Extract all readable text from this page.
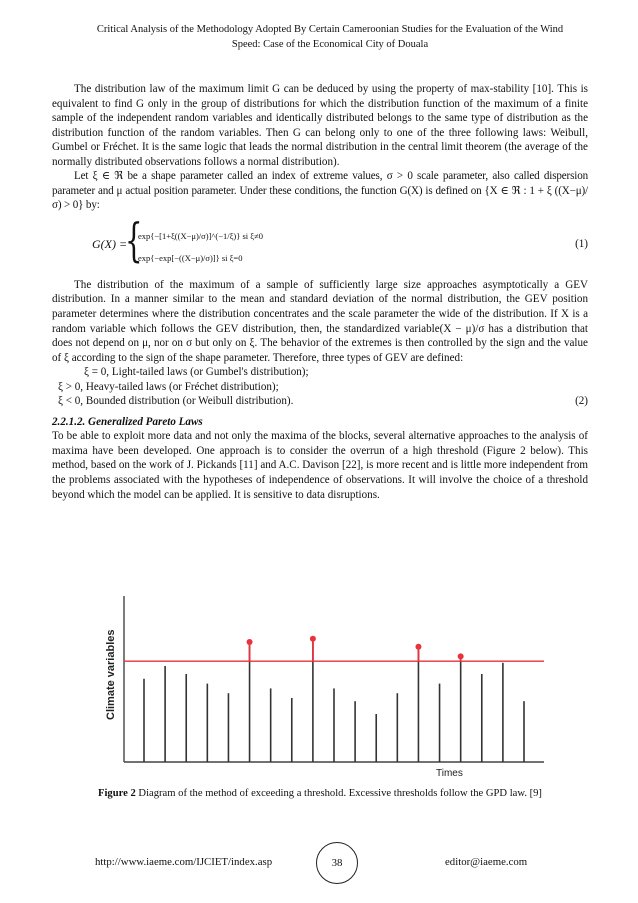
Critical Analysis of the Methodology Adopted By Certain Cameroonian Studies for the Evaluation of the Wind
Speed: Case of the Economical City of Douala

The distribution law of the maximum limit G can be deduced by using the property of max-stability [10]. This is equivalent to find G only in the group of distributions for which the distribution function of the maximum of a finite sample of the independent random variables and identically distributed belongs to the same type of distribution as the distribution function of the random variables. Then G can belong only to one of the three following laws: Weibull, Gumbel or Fréchet. It is the same logic that leads the normal distribution in the central limit theorem (the average of the normally distributed observations follows a normal distribution).

Let ξ ∈ ℜ be a shape parameter called an index of extreme values, σ > 0 scale parameter, also called dispersion parameter and μ actual position parameter. Under these conditions, the function G(X) is defined on {X ∈ ℜ : 1 + ξ ((X−μ)/σ) > 0} by:

G(X) =
{
exp{−[1+ξ((X−μ)/σ)]^(−1/ξ)} si ξ≠0
exp{−exp[−((X−μ)/σ)]} si ξ=0
(1)

The distribution of the maximum of a sample of sufficiently large size approaches asymptotically a GEV distribution. In a manner similar to the mean and standard deviation of the normal distribution, the GEV position parameter determines where the distribution concentrates and the scale parameter the wide of the distribution. If X is a random variable which follows the GEV distribution, then, the standardized variable(X − μ)/σ has a distribution that does not depend on μ, nor on σ but only on ξ. The behavior of the extremes is then controlled by the sign and the value of ξ according to the sign of the shape parameter. Therefore, three types of GEV are defined:

ξ = 0, Light-tailed laws (or Gumbel's distribution);

ξ > 0, Heavy-tailed laws (or Fréchet distribution);

ξ < 0, Bounded distribution (or Weibull distribution).	(2)

2.2.1.2. Generalized Pareto Laws

To be able to exploit more data and not only the maxima of the blocks, several alternative approaches to the analysis of maxima have been developed. One approach is to consider the overrun of a high threshold (Figure 2 below). This method, based on the work of J. Pickands [11] and A.C. Davison [22], is more recent and is little more independent from the problems associated with the hypotheses of independence of observations. It will involve the choice of a threshold beyond which the model can be applied. It is sensitive to data disruptions.

Climate variables
Times
Figure 2 Diagram of the method of exceeding a threshold. Excessive thresholds follow the GPD law. [9]
http://www.iaeme.com/IJCIET/index.asp	38	editor@iaeme.com
